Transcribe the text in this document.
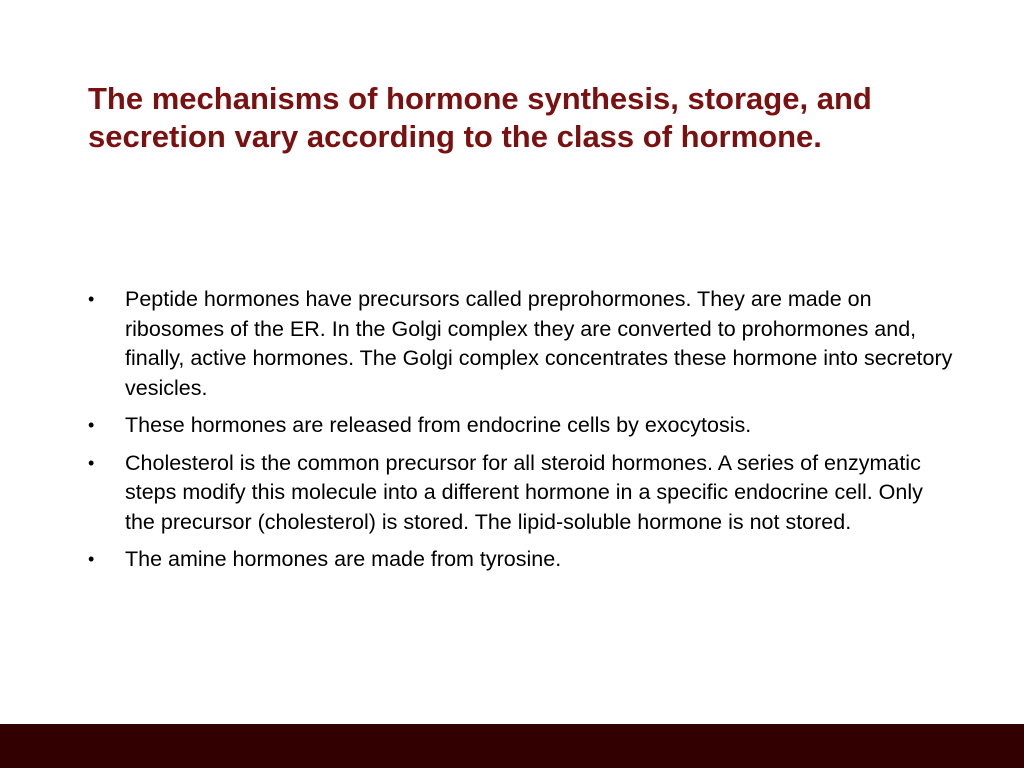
The mechanisms of hormone synthesis, storage, and secretion vary according to the class of hormone.
•	Peptide hormones have precursors called preprohormones. They are made on ribosomes of the ER. In the Golgi complex they are converted to prohormones and, finally, active hormones. The Golgi complex concentrates these hormone into secretory vesicles.
•	These hormones are released from endocrine cells by exocytosis.
•	Cholesterol is the common precursor for all steroid hormones. A series of enzymatic steps modify this molecule into a different hormone in a specific endocrine cell. Only the precursor (cholesterol) is stored. The lipid-soluble hormone is not stored.
•	The amine hormones are made from tyrosine.
